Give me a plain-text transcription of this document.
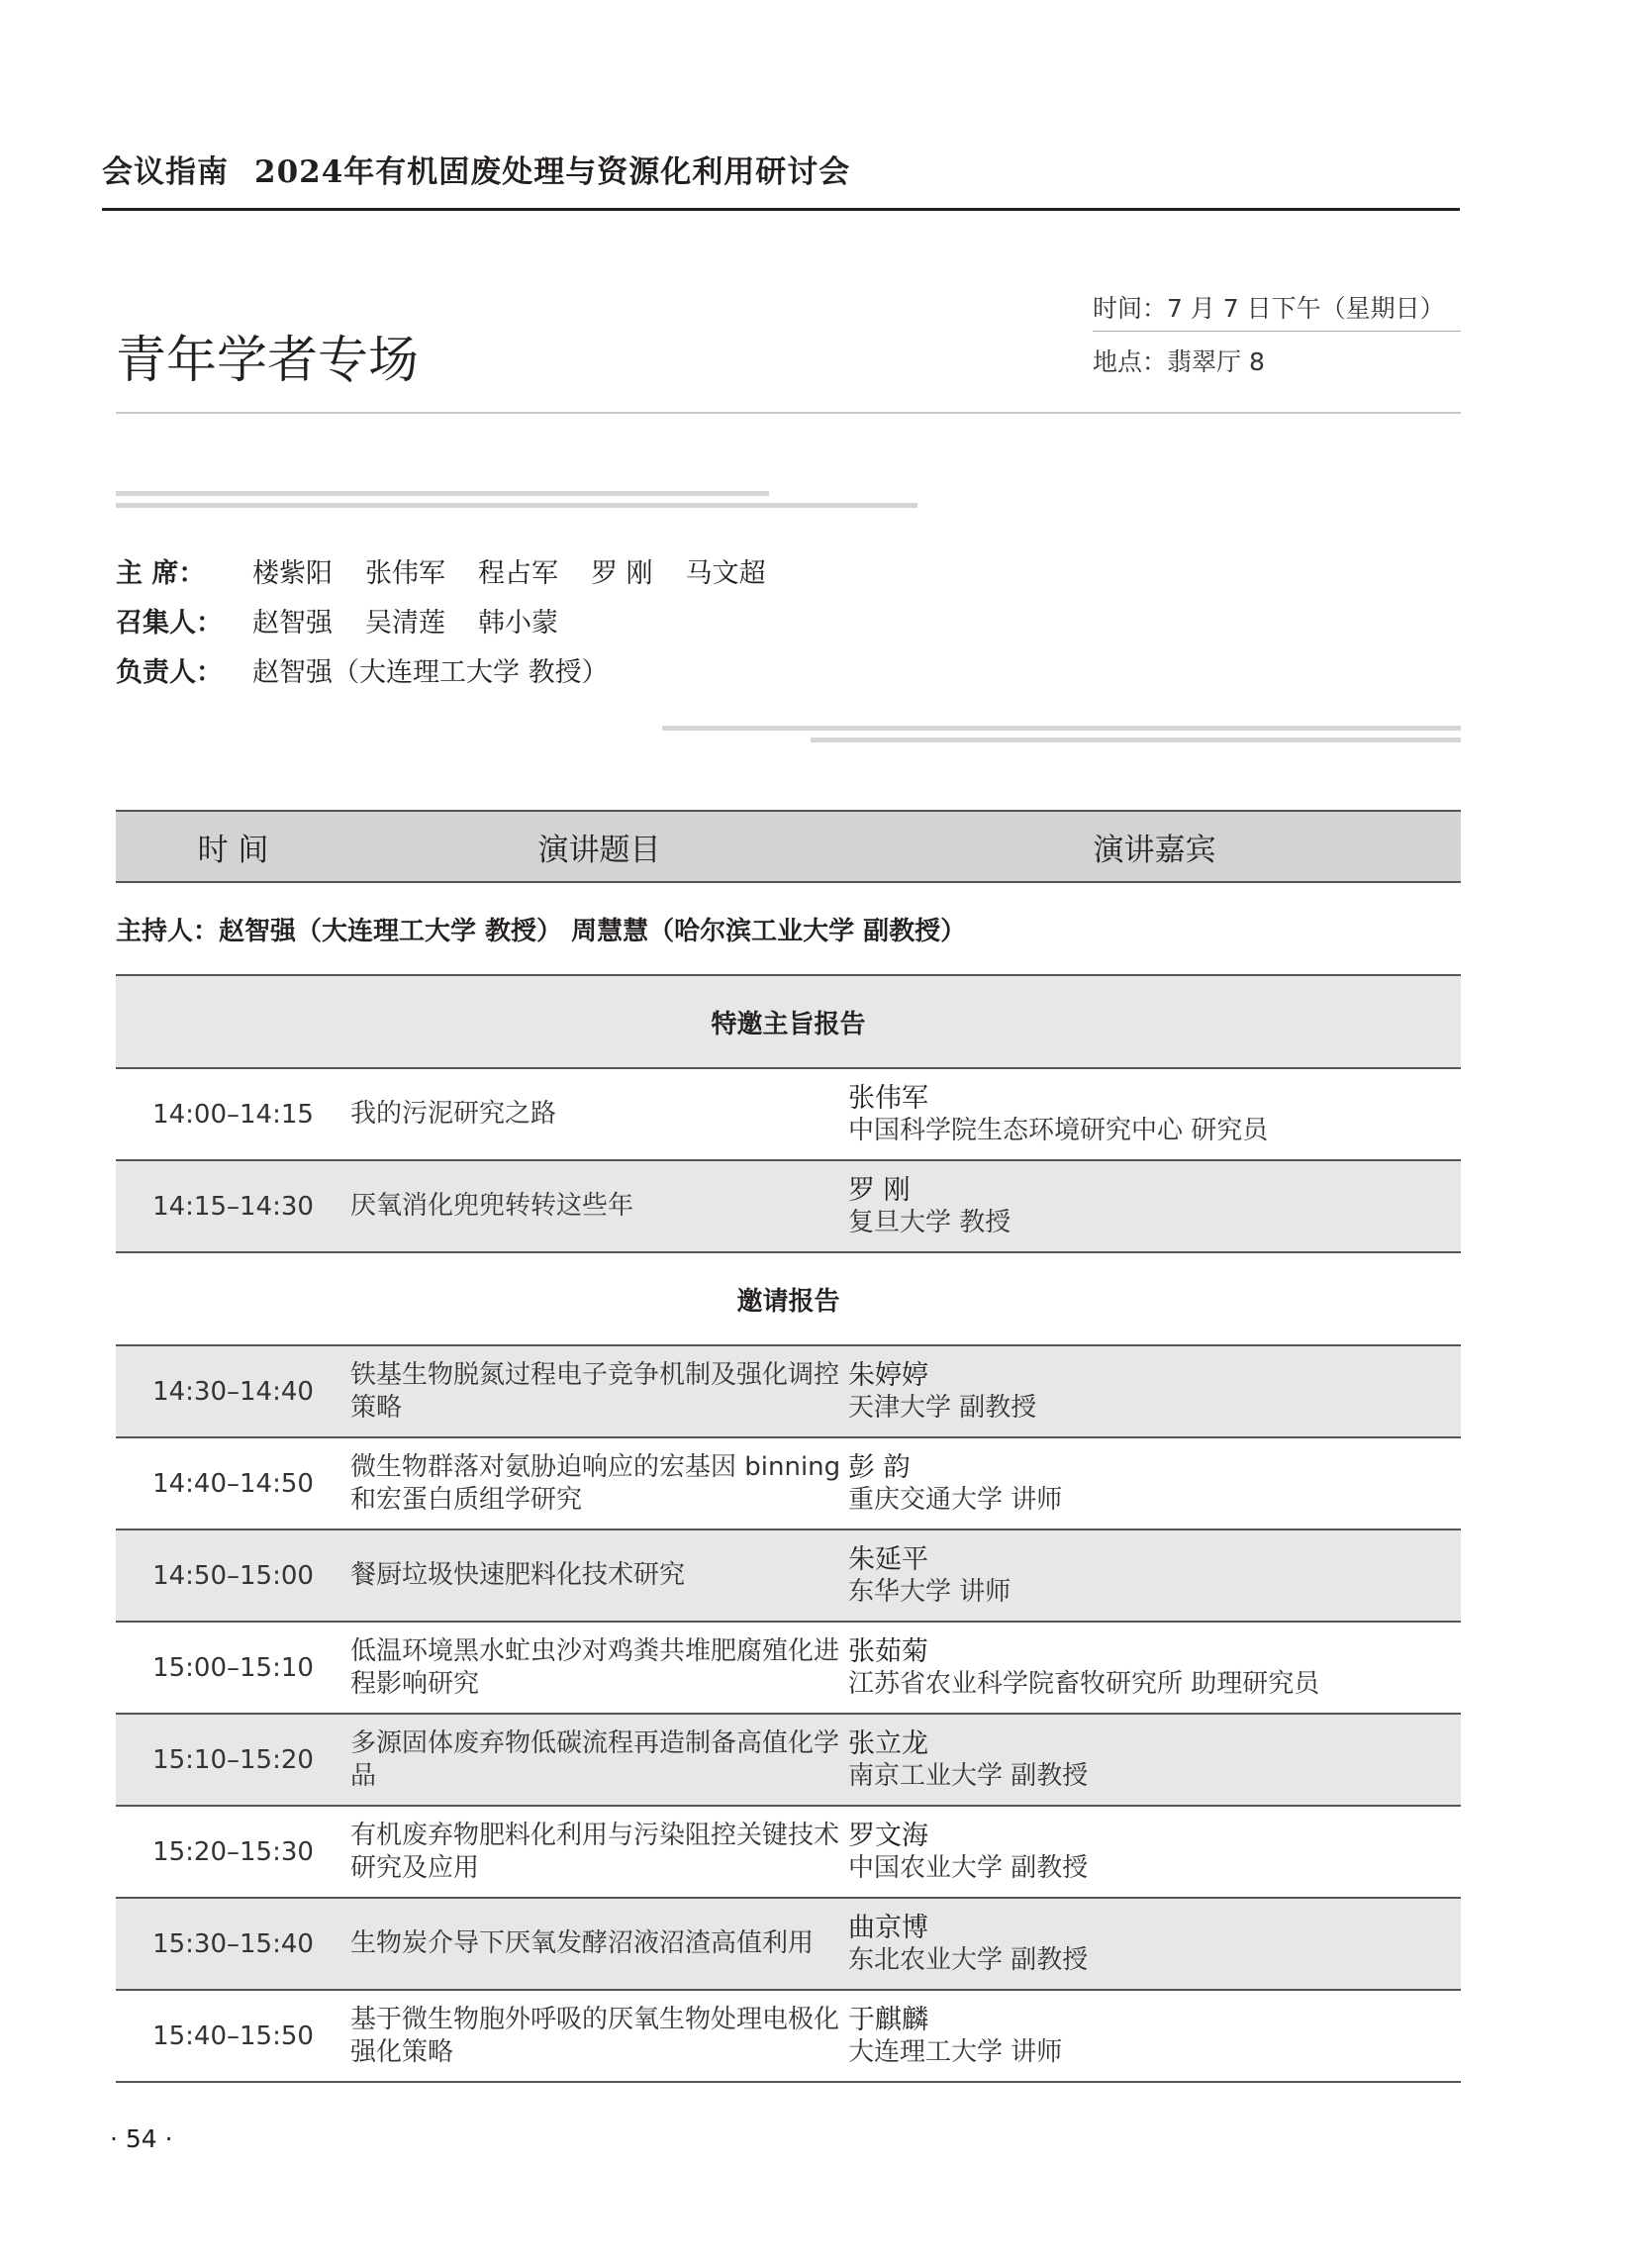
会议指南 2024年有机固废处理与资源化利用研讨会
青年学者专场
时间：7 月 7 日下午（星期日）
地点：翡翠厅 8
主 席： 楼紫阳 张伟军 程占军 罗 刚 马文超
召集人： 赵智强 吴清莲 韩小蒙
负责人： 赵智强（大连理工大学 教授）
时 间	演讲题目	演讲嘉宾
主持人：赵智强（大连理工大学 教授） 周慧慧（哈尔滨工业大学 副教授）		
特邀主旨报告		
14:00–14:15	我的污泥研究之路	张伟军
中国科学院生态环境研究中心 研究员

14:15–14:30	厌氧消化兜兜转转这些年	罗 刚
复旦大学 教授

邀请报告		
14:30–14:40	铁基生物脱氮过程电子竞争机制及强化调控策略	朱婷婷
天津大学 副教授

14:40–14:50	微生物群落对氨胁迫响应的宏基因 binning 和宏蛋白质组学研究	彭 韵
重庆交通大学 讲师

14:50–15:00	餐厨垃圾快速肥料化技术研究	朱延平
东华大学 讲师

15:00–15:10	低温环境黑水虻虫沙对鸡粪共堆肥腐殖化进程影响研究	张茹菊
江苏省农业科学院畜牧研究所 助理研究员

15:10–15:20	多源固体废弃物低碳流程再造制备高值化学品	张立龙
南京工业大学 副教授

15:20–15:30	有机废弃物肥料化利用与污染阻控关键技术研究及应用	罗文海
中国农业大学 副教授

15:30–15:40	生物炭介导下厌氧发酵沼液沼渣高值利用	曲京博
东北农业大学 副教授

15:40–15:50	基于微生物胞外呼吸的厌氧生物处理电极化强化策略	于麒麟
大连理工大学 讲师
· 54 ·
